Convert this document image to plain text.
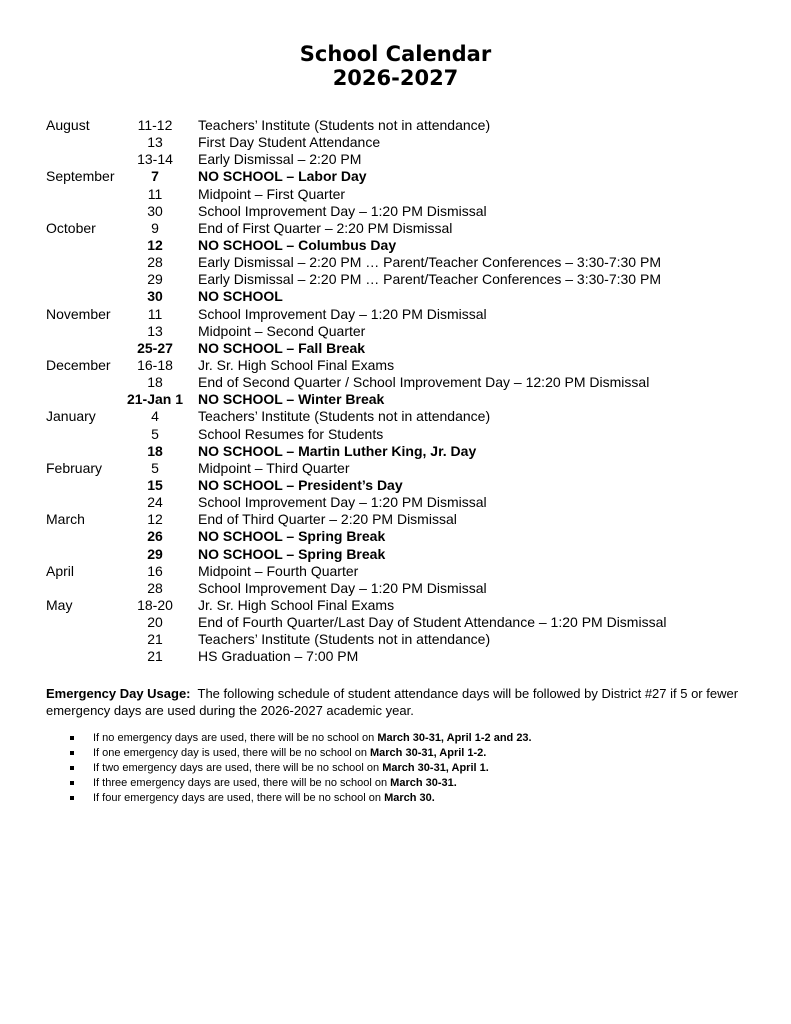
School Calendar
2026-2027
August	11-12	Teachers’ Institute (Students not in attendance)
13	First Day Student Attendance
13-14	Early Dismissal – 2:20 PM
September	7	NO SCHOOL – Labor Day
11	Midpoint – First Quarter
30	School Improvement Day – 1:20 PM Dismissal
October	9	End of First Quarter – 2:20 PM Dismissal
12	NO SCHOOL – Columbus Day
28	Early Dismissal – 2:20 PM … Parent/Teacher Conferences – 3:30-7:30 PM
29	Early Dismissal – 2:20 PM … Parent/Teacher Conferences – 3:30-7:30 PM
30	NO SCHOOL
November	11	School Improvement Day – 1:20 PM Dismissal
13	Midpoint – Second Quarter
25-27	NO SCHOOL – Fall Break
December	16-18	Jr. Sr. High School Final Exams
18	End of Second Quarter / School Improvement Day – 12:20 PM Dismissal
21-Jan 1	NO SCHOOL – Winter Break
January	4	Teachers’ Institute (Students not in attendance)
5	School Resumes for Students
18	NO SCHOOL – Martin Luther King, Jr. Day
February	5	Midpoint – Third Quarter
15	NO SCHOOL – President’s Day
24	School Improvement Day – 1:20 PM Dismissal
March	12	End of Third Quarter – 2:20 PM Dismissal
26	NO SCHOOL – Spring Break
29	NO SCHOOL – Spring Break
April	16	Midpoint – Fourth Quarter
28	School Improvement Day – 1:20 PM Dismissal
May	18-20	Jr. Sr. High School Final Exams
20	End of Fourth Quarter/Last Day of Student Attendance – 1:20 PM Dismissal
21	Teachers’ Institute (Students not in attendance)
21	HS Graduation – 7:00 PM
Emergency Day Usage: The following schedule of student attendance days will be followed by District #27 if 5 or fewer emergency days are used during the 2026-2027 academic year.
If no emergency days are used, there will be no school on March 30-31, April 1-2 and 23.
If one emergency day is used, there will be no school on March 30-31, April 1-2.
If two emergency days are used, there will be no school on March 30-31, April 1.
If three emergency days are used, there will be no school on March 30-31.
If four emergency days are used, there will be no school on March 30.
